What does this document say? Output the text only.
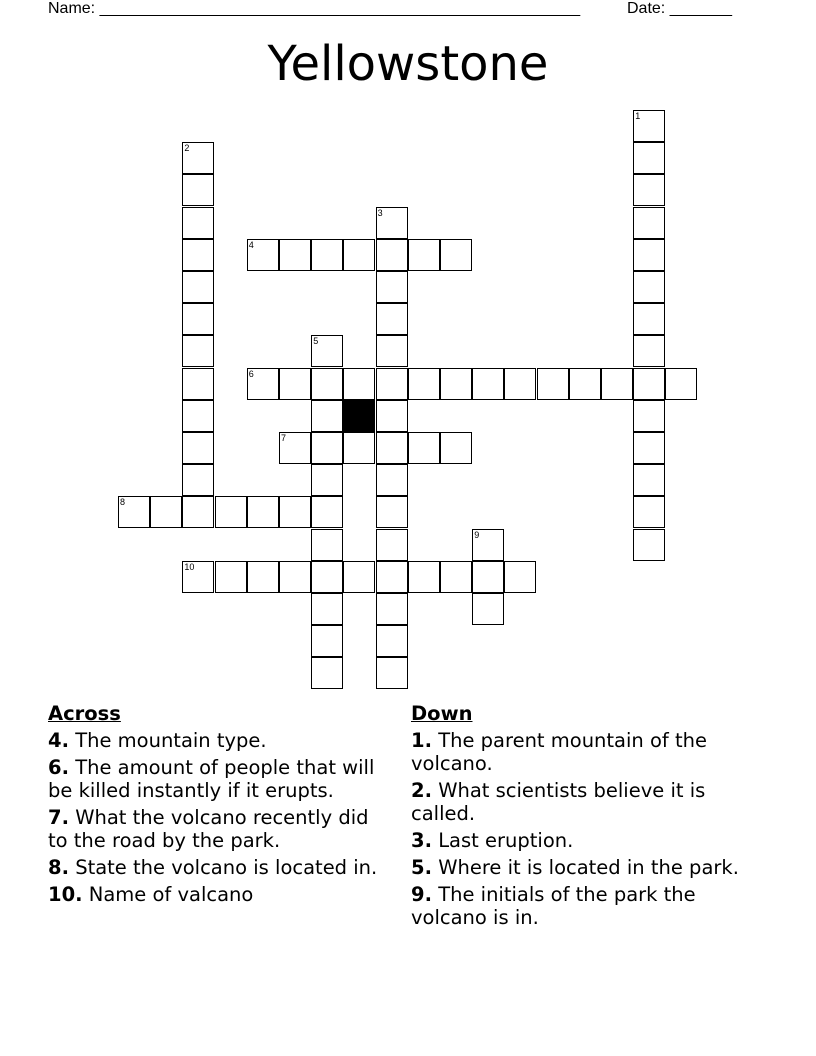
Name: ______________________________________________________	Date: _______
Yellowstone
1
2
3
4
5
6
7
8
9
10
Across
4. The mountain type.
6. The amount of people that will be killed instantly if it erupts.
7. What the volcano recently did to the road by the park.
8. State the volcano is located in.
10. Name of valcano
Down
1. The parent mountain of the volcano.
2. What scientists believe it is called.
3. Last eruption.
5. Where it is located in the park.
9. The initials of the park the volcano is in.
